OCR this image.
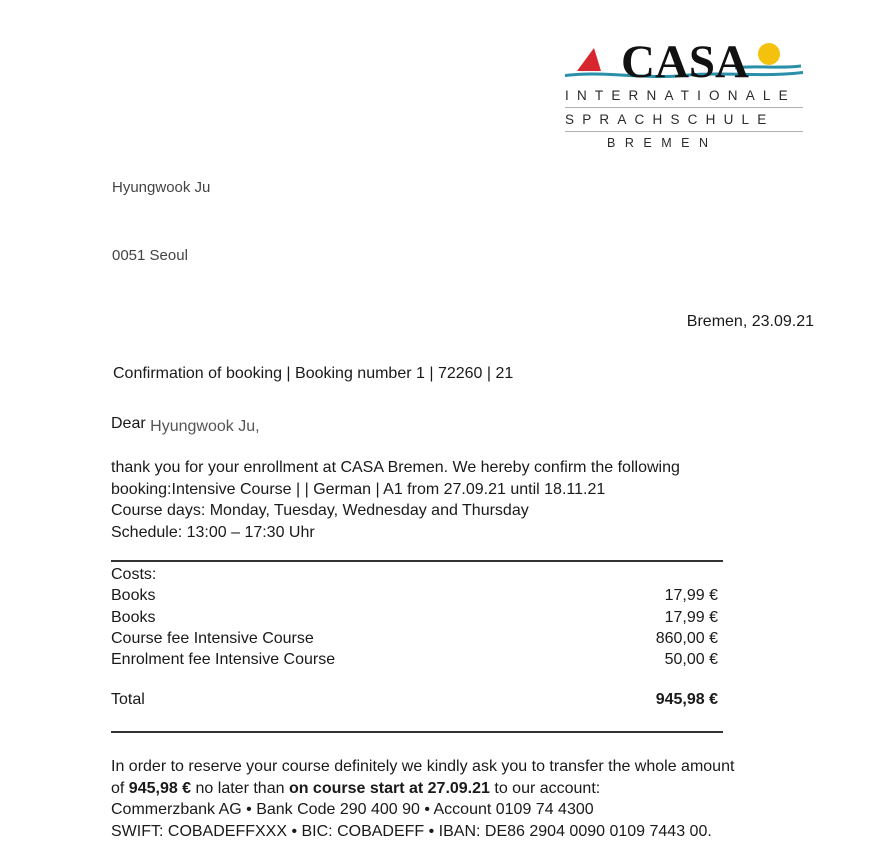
CASA
INTERNATIONALE
SPRACHSCHULE
BREMEN
Hyungwook Ju
0051 Seoul
Bremen, 23.09.21
Confirmation of booking | Booking number 1 | 72260 | 21
Dear Hyungwook Ju,
thank you for your enrollment at CASA Bremen. We hereby confirm the following
booking:Intensive Course | | German | A1 from 27.09.21 until 18.11.21
Course days: Monday, Tuesday, Wednesday and Thursday
Schedule: 13:00 – 17:30 Uhr
Costs:
Books	17,99 €
Books	17,99 €
Course fee Intensive Course	860,00 €
Enrolment fee Intensive Course	50,00 €
Total	945,98 €
In order to reserve your course definitely we kindly ask you to transfer the whole amount
of 945,98 € no later than on course start at 27.09.21 to our account:
Commerzbank AG • Bank Code 290 400 90 • Account 0109 74 4300
SWIFT: COBADEFFXXX • BIC: COBADEFF • IBAN: DE86 2904 0090 0109 7443 00.
